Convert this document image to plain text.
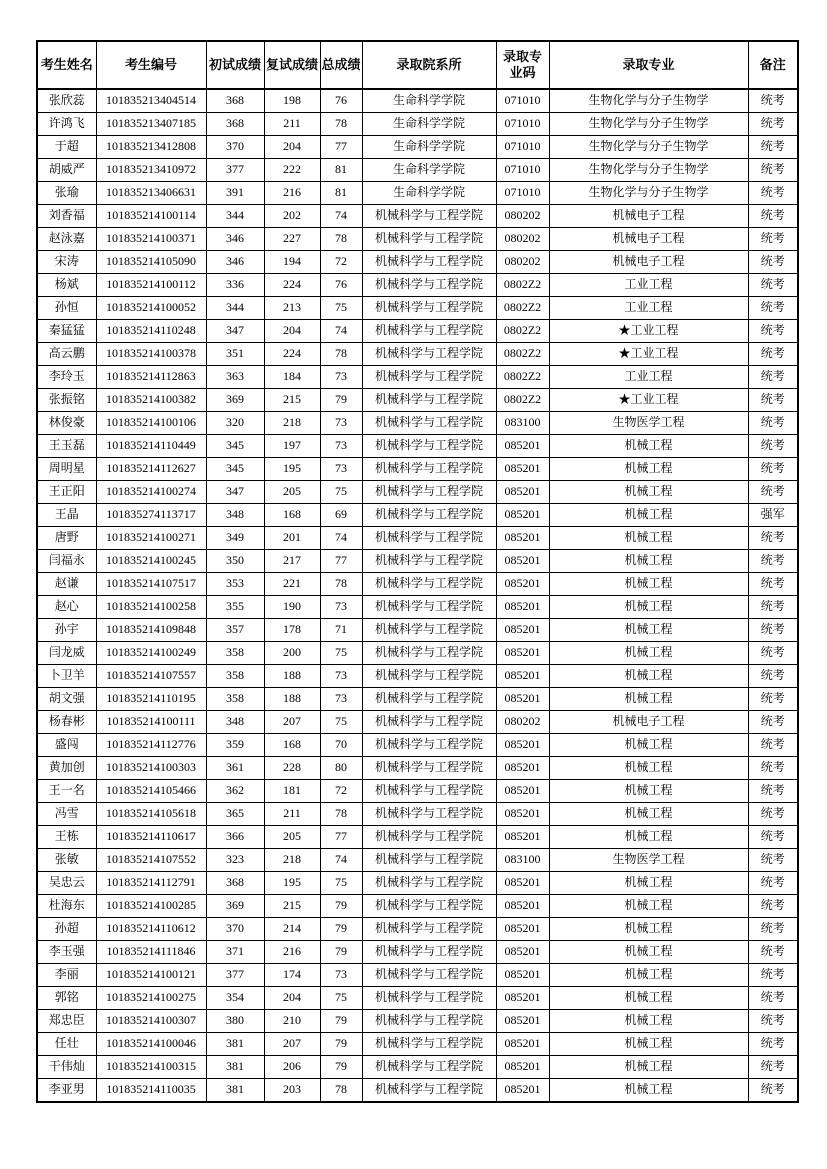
考生姓名	考生编号	初试成绩	复试成绩	总成绩	录取院系所	录取专业码	录取专业	备注
张欣蕊	101835213404514	368	198	76	生命科学学院	071010	生物化学与分子生物学	统考
许鸿飞	101835213407185	368	211	78	生命科学学院	071010	生物化学与分子生物学	统考
于超	101835213412808	370	204	77	生命科学学院	071010	生物化学与分子生物学	统考
胡威严	101835213410972	377	222	81	生命科学学院	071010	生物化学与分子生物学	统考
张瑜	101835213406631	391	216	81	生命科学学院	071010	生物化学与分子生物学	统考
刘香福	101835214100114	344	202	74	机械科学与工程学院	080202	机械电子工程	统考
赵泳嘉	101835214100371	346	227	78	机械科学与工程学院	080202	机械电子工程	统考
宋涛	101835214105090	346	194	72	机械科学与工程学院	080202	机械电子工程	统考
杨斌	101835214100112	336	224	76	机械科学与工程学院	0802Z2	工业工程	统考
孙恒	101835214100052	344	213	75	机械科学与工程学院	0802Z2	工业工程	统考
秦猛猛	101835214110248	347	204	74	机械科学与工程学院	0802Z2	★工业工程	统考
高云鹏	101835214100378	351	224	78	机械科学与工程学院	0802Z2	★工业工程	统考
李玲玉	101835214112863	363	184	73	机械科学与工程学院	0802Z2	工业工程	统考
张振铭	101835214100382	369	215	79	机械科学与工程学院	0802Z2	★工业工程	统考
林俊豪	101835214100106	320	218	73	机械科学与工程学院	083100	生物医学工程	统考
王玉磊	101835214110449	345	197	73	机械科学与工程学院	085201	机械工程	统考
周明星	101835214112627	345	195	73	机械科学与工程学院	085201	机械工程	统考
王正阳	101835214100274	347	205	75	机械科学与工程学院	085201	机械工程	统考
王晶	101835274113717	348	168	69	机械科学与工程学院	085201	机械工程	强军
唐野	101835214100271	349	201	74	机械科学与工程学院	085201	机械工程	统考
闫福永	101835214100245	350	217	77	机械科学与工程学院	085201	机械工程	统考
赵谦	101835214107517	353	221	78	机械科学与工程学院	085201	机械工程	统考
赵心	101835214100258	355	190	73	机械科学与工程学院	085201	机械工程	统考
孙宇	101835214109848	357	178	71	机械科学与工程学院	085201	机械工程	统考
闫龙威	101835214100249	358	200	75	机械科学与工程学院	085201	机械工程	统考
卜卫羊	101835214107557	358	188	73	机械科学与工程学院	085201	机械工程	统考
胡文强	101835214110195	358	188	73	机械科学与工程学院	085201	机械工程	统考
杨春彬	101835214100111	348	207	75	机械科学与工程学院	080202	机械电子工程	统考
盛闯	101835214112776	359	168	70	机械科学与工程学院	085201	机械工程	统考
黄加创	101835214100303	361	228	80	机械科学与工程学院	085201	机械工程	统考
王一名	101835214105466	362	181	72	机械科学与工程学院	085201	机械工程	统考
冯雪	101835214105618	365	211	78	机械科学与工程学院	085201	机械工程	统考
王栋	101835214110617	366	205	77	机械科学与工程学院	085201	机械工程	统考
张敏	101835214107552	323	218	74	机械科学与工程学院	083100	生物医学工程	统考
吴忠云	101835214112791	368	195	75	机械科学与工程学院	085201	机械工程	统考
杜海东	101835214100285	369	215	79	机械科学与工程学院	085201	机械工程	统考
孙超	101835214110612	370	214	79	机械科学与工程学院	085201	机械工程	统考
李玉强	101835214111846	371	216	79	机械科学与工程学院	085201	机械工程	统考
李丽	101835214100121	377	174	73	机械科学与工程学院	085201	机械工程	统考
郭铭	101835214100275	354	204	75	机械科学与工程学院	085201	机械工程	统考
郑忠臣	101835214100307	380	210	79	机械科学与工程学院	085201	机械工程	统考
任壮	101835214100046	381	207	79	机械科学与工程学院	085201	机械工程	统考
干伟灿	101835214100315	381	206	79	机械科学与工程学院	085201	机械工程	统考
李亚男	101835214110035	381	203	78	机械科学与工程学院	085201	机械工程	统考
